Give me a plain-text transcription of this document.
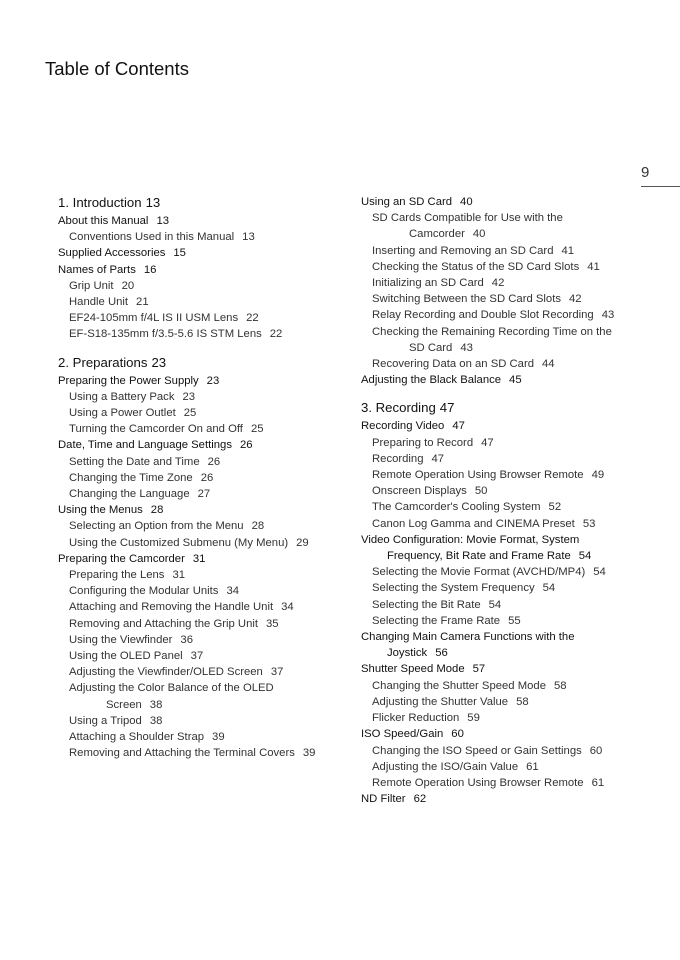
Table of Contents
9
1. Introduction 13
About this Manual 13
Conventions Used in this Manual 13
Supplied Accessories 15
Names of Parts 16
Grip Unit 20
Handle Unit 21
EF24-105mm f/4L IS II USM Lens 22
EF-S18-135mm f/3.5-5.6 IS STM Lens 22
2. Preparations 23
Preparing the Power Supply 23
Using a Battery Pack 23
Using a Power Outlet 25
Turning the Camcorder On and Off 25
Date, Time and Language Settings 26
Setting the Date and Time 26
Changing the Time Zone 26
Changing the Language 27
Using the Menus 28
Selecting an Option from the Menu 28
Using the Customized Submenu (My Menu) 29
Preparing the Camcorder 31
Preparing the Lens 31
Configuring the Modular Units 34
Attaching and Removing the Handle Unit 34
Removing and Attaching the Grip Unit 35
Using the Viewfinder 36
Using the OLED Panel 37
Adjusting the Viewfinder/OLED Screen 37
Adjusting the Color Balance of the OLED
Screen 38
Using a Tripod 38
Attaching a Shoulder Strap 39
Removing and Attaching the Terminal Covers 39
Using an SD Card 40
SD Cards Compatible for Use with the
Camcorder 40
Inserting and Removing an SD Card 41
Checking the Status of the SD Card Slots 41
Initializing an SD Card 42
Switching Between the SD Card Slots 42
Relay Recording and Double Slot Recording 43
Checking the Remaining Recording Time on the
SD Card 43
Recovering Data on an SD Card 44
Adjusting the Black Balance 45
3. Recording 47
Recording Video 47
Preparing to Record 47
Recording 47
Remote Operation Using Browser Remote 49
Onscreen Displays 50
The Camcorder's Cooling System 52
Canon Log Gamma and CINEMA Preset 53
Video Configuration: Movie Format, System
Frequency, Bit Rate and Frame Rate 54
Selecting the Movie Format (AVCHD/MP4) 54
Selecting the System Frequency 54
Selecting the Bit Rate 54
Selecting the Frame Rate 55
Changing Main Camera Functions with the
Joystick 56
Shutter Speed Mode 57
Changing the Shutter Speed Mode 58
Adjusting the Shutter Value 58
Flicker Reduction 59
ISO Speed/Gain 60
Changing the ISO Speed or Gain Settings 60
Adjusting the ISO/Gain Value 61
Remote Operation Using Browser Remote 61
ND Filter 62
